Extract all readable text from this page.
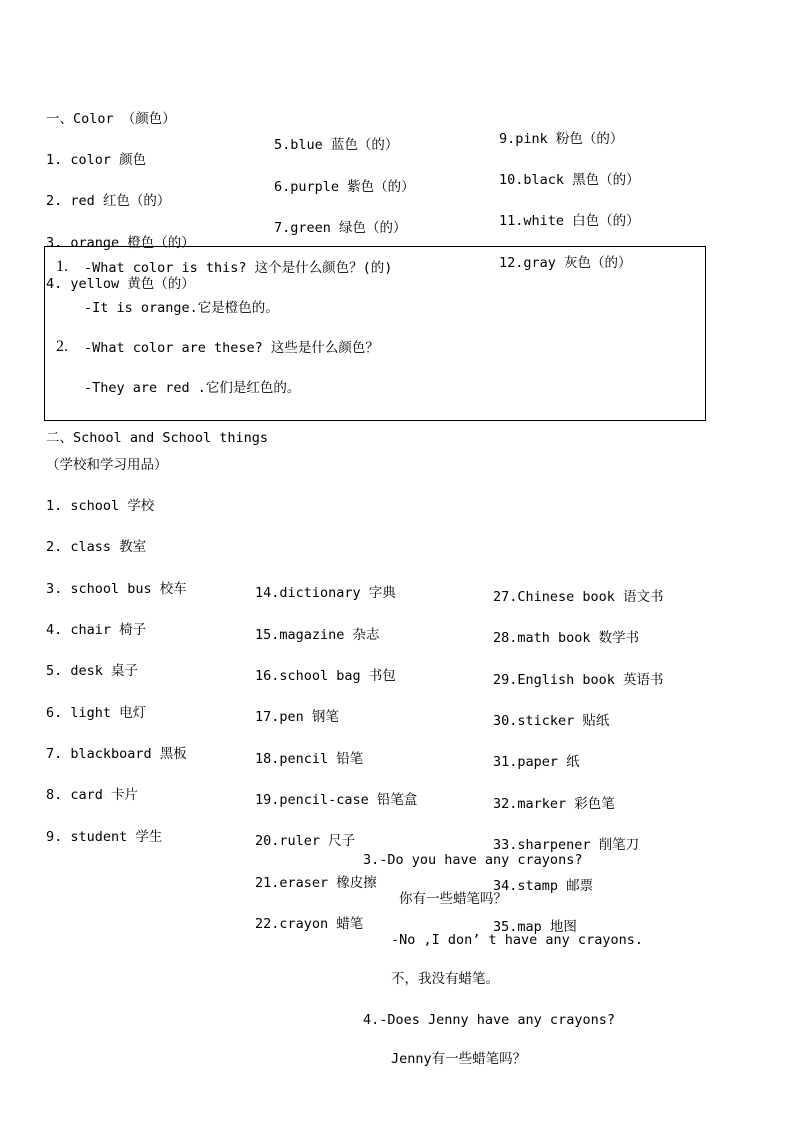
一、Color （颜色）
1. color 颜色
2. red 红色（的）
3. orange 橙色（的）
4. yellow 黄色（的）
5.blue 蓝色（的）
6.purple 紫色（的）
7.green 绿色（的）
9.pink 粉色（的）
10.black 黑色（的）
11.white 白色（的）
12.gray 灰色（的）
1. -What color is this? 这个是什么颜色？(的)
-It is orange.它是橙色的。
2. -What color are these? 这些是什么颜色？
-They are red .它们是红色的。
二、School and School things
（学校和学习用品）
1. school 学校
2. class 教室
3. school bus 校车
4. chair 椅子
5. desk 桌子
6. light 电灯
7. blackboard 黑板
8. card 卡片
9. student 学生
14.dictionary 字典
15.magazine 杂志
16.school bag 书包
17.pen 钢笔
18.pencil 铅笔
19.pencil-case 铅笔盒
20.ruler 尺子
21.eraser 橡皮擦
22.crayon 蜡笔
27.Chinese book 语文书
28.math book 数学书
29.English book 英语书
30.sticker 贴纸
31.paper 纸
32.marker 彩色笔
33.sharpener 削笔刀
34.stamp 邮票
35.map 地图
3.-Do you have any crayons?
你有一些蜡笔吗？
-No ,I don’ t have any crayons.
不，我没有蜡笔。
4.-Does Jenny have any crayons?
Jenny有一些蜡笔吗？
